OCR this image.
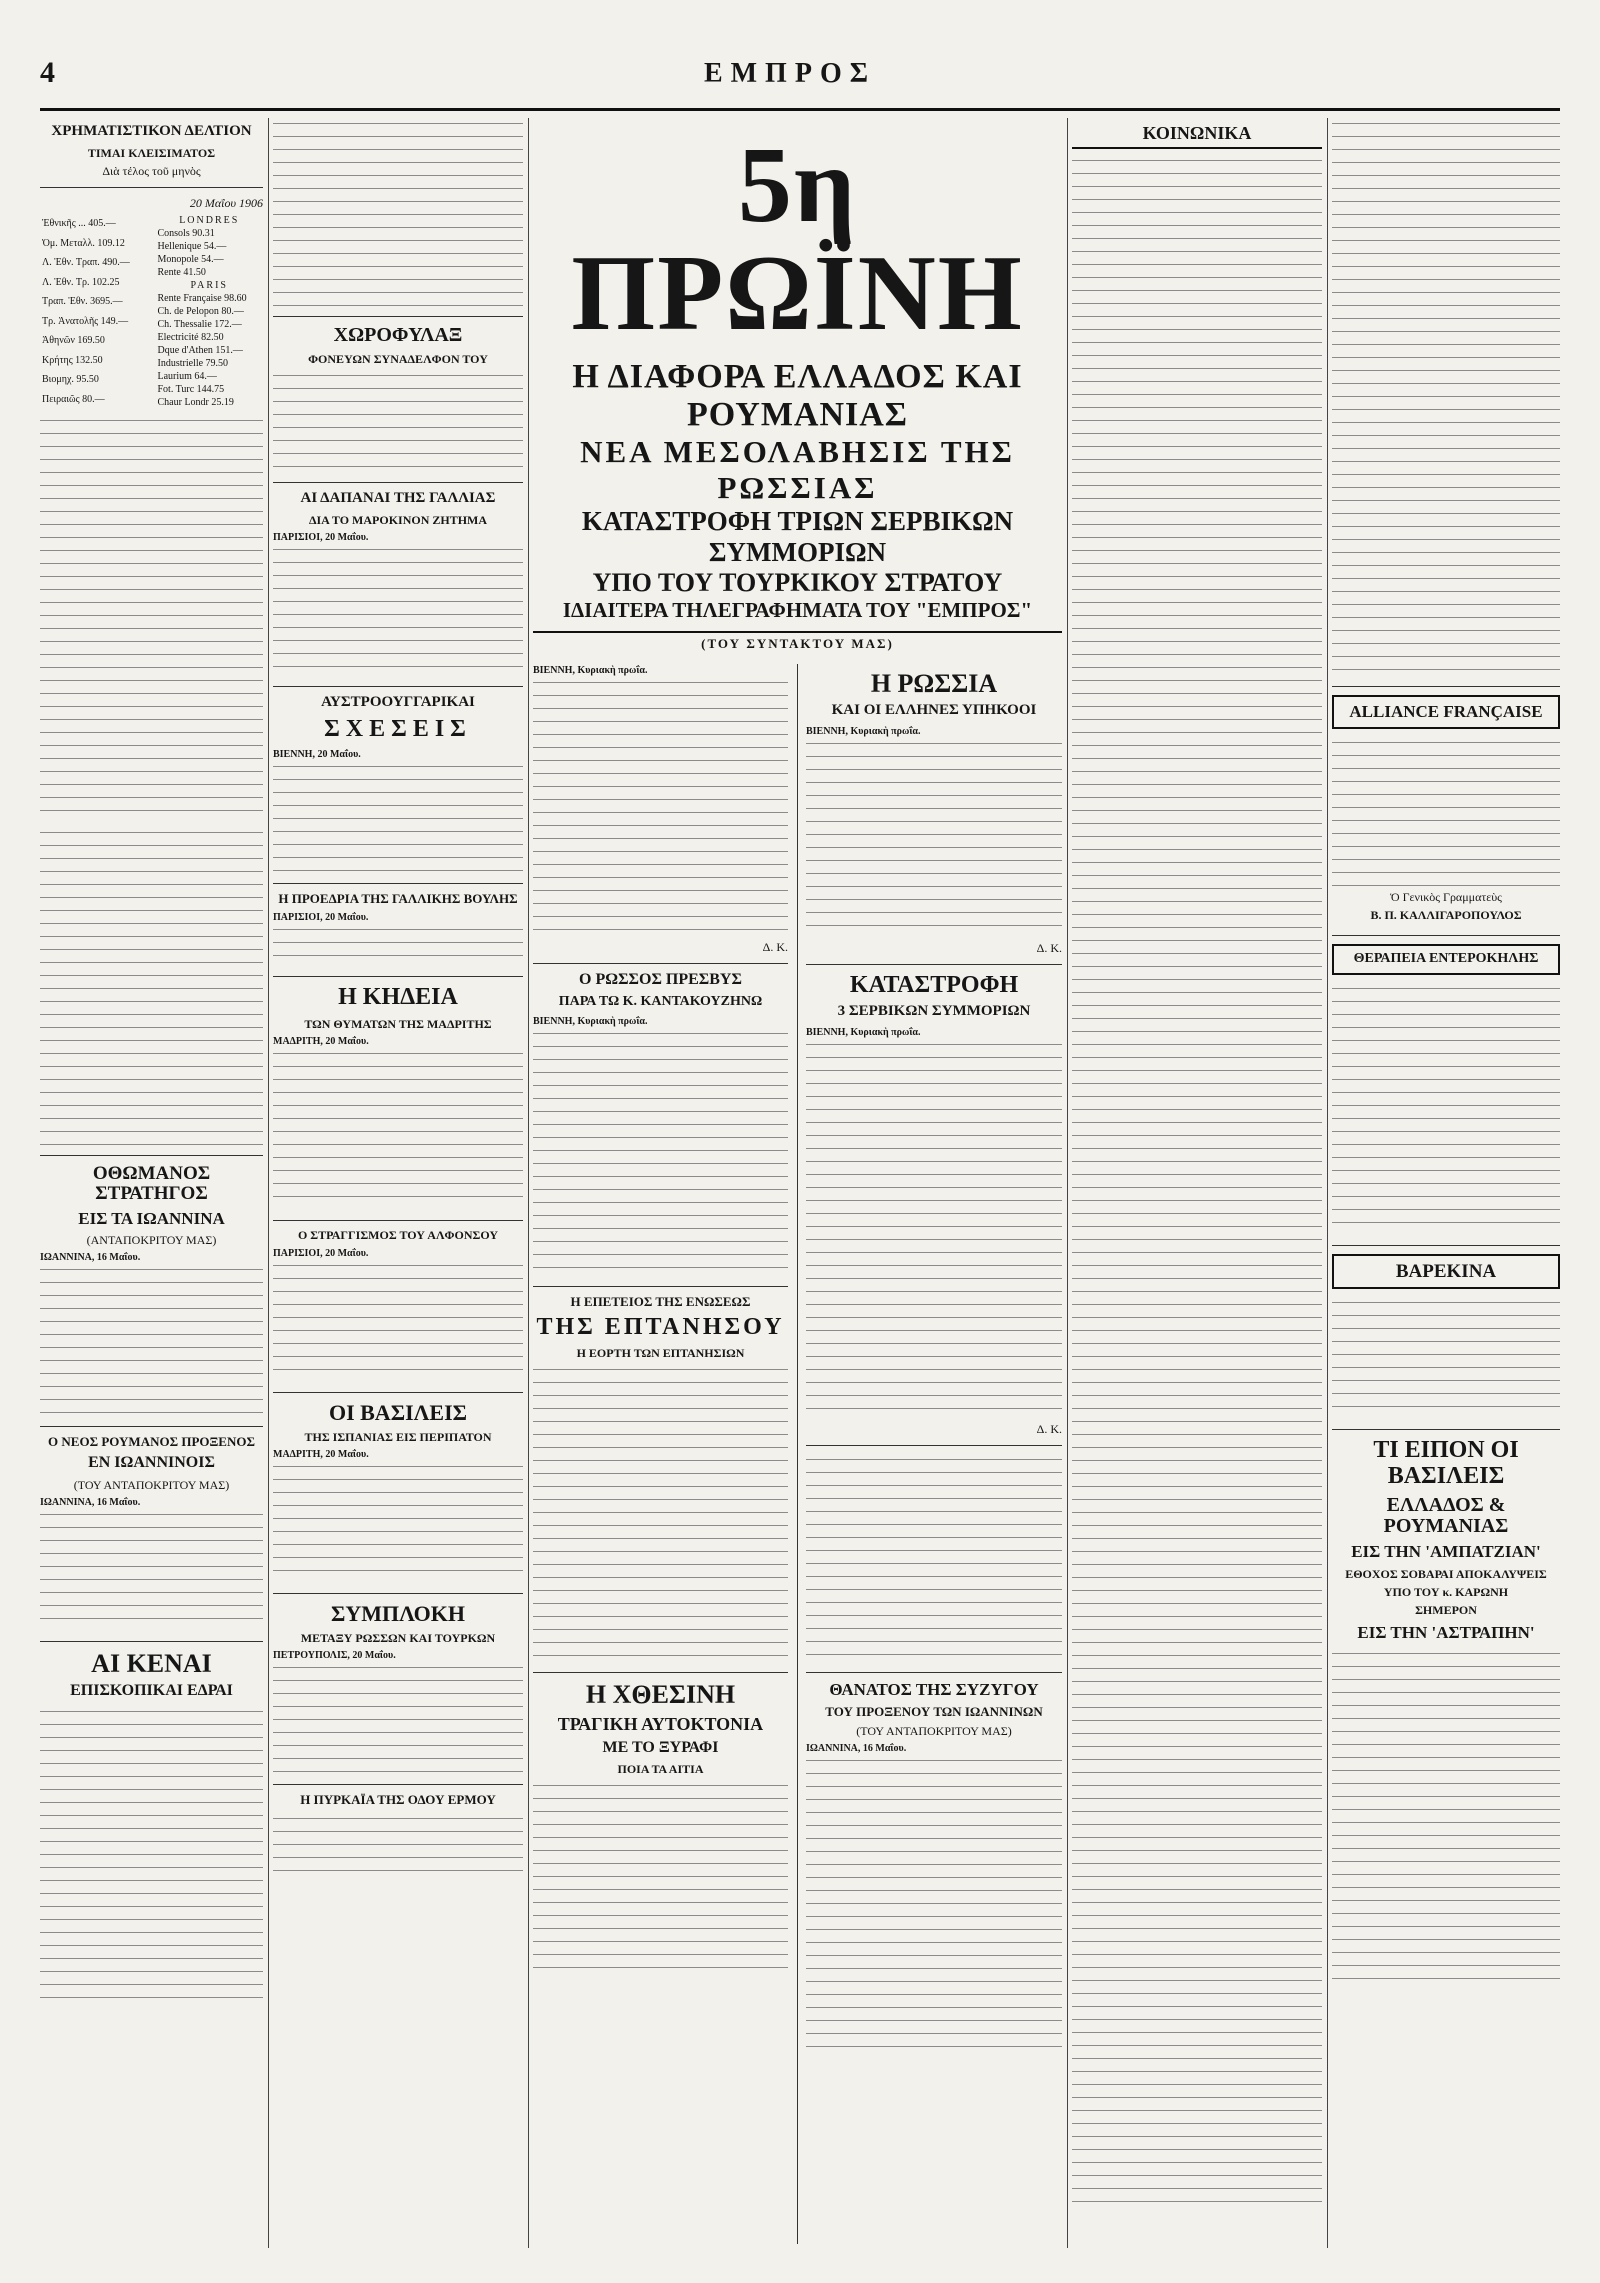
4	ΕΜΠΡΟΣ
ΧΡΗΜΑΤΙΣΤΙΚΟΝ ΔΕΛΤΙΟΝ
ΤΙΜΑΙ ΚΛΕΙΣΙΜΑΤΟΣ
Διὰ τέλος τοῦ μηνὸς
20 Μαΐου 1906
Ἐθνικῆς ... 405.—
Ὀμ. Μεταλλ. 109.12
Λ. Ἐθν. Τραπ. 490.—
Λ. Ἐθν. Τρ. 102.25
Τραπ. Ἐθν. 3695.—
Τρ. Ἀνατολῆς 149.—
Ἀθηνῶν 169.50
Κρήτης 132.50
Βιομηχ. 95.50
Πειραιῶς 80.—
LONDRES
Consols 90.31
Hellenique 54.—
Monopole 54.—
Rente 41.50
PARIS
Rente Française 98.60
Ch. de Pelopon 80.—
Ch. Thessalie 172.—
Electricité 82.50
Dque d'Athen 151.—
Industrielle 79.50
Laurium 64.—
Fot. Turc 144.75
Chaur Londr 25.19
ΟΘΩΜΑΝΟΣ ΣΤΡΑΤΗΓΟΣ
ΕΙΣ ΤΑ ΙΩΑΝΝΙΝΑ
(ΑΝΤΑΠΟΚΡΙΤΟΥ ΜΑΣ)

ΙΩΑΝΝΙΝΑ, 16 Μαΐου.

Ο ΝΕΟΣ ΡΟΥΜΑΝΟΣ ΠΡΟΞΕΝΟΣ
ΕΝ ΙΩΑΝΝΙΝΟΙΣ
(ΤΟΥ ΑΝΤΑΠΟΚΡΙΤΟΥ ΜΑΣ)

ΙΩΑΝΝΙΝΑ, 16 Μαΐου.

ΑΙ ΚΕΝΑΙ
ΕΠΙΣΚΟΠΙΚΑΙ ΕΔΡΑΙ
ΧΩΡΟΦΥΛΑΞ
ΦΟΝΕΥΩΝ ΣΥΝΑΔΕΛΦΟΝ ΤΟΥ
ΑΙ ΔΑΠΑΝΑΙ ΤΗΣ ΓΑΛΛΙΑΣ
ΔΙΑ ΤΟ ΜΑΡΟΚΙΝΟΝ ΖΗΤΗΜΑ

ΠΑΡΙΣΙΟΙ, 20 Μαΐου.

ΑΥΣΤΡΟΟΥΓΓΑΡΙΚΑΙ
ΣΧΕΣΕΙΣ

ΒΙΕΝΝΗ, 20 Μαΐου.

Η ΠΡΟΕΔΡΙΑ ΤΗΣ ΓΑΛΛΙΚΗΣ ΒΟΥΛΗΣ

ΠΑΡΙΣΙΟΙ, 20 Μαΐου.

Η ΚΗΔΕΙΑ
ΤΩΝ ΘΥΜΑΤΩΝ ΤΗΣ ΜΑΔΡΙΤΗΣ

ΜΑΔΡΙΤΗ, 20 Μαΐου.

Ο ΣΤΡΑΓΓΙΣΜΟΣ ΤΟΥ ΑΛΦΟΝΣΟΥ

ΠΑΡΙΣΙΟΙ, 20 Μαΐου.

ΟΙ ΒΑΣΙΛΕΙΣ
ΤΗΣ ΙΣΠΑΝΙΑΣ ΕΙΣ ΠΕΡΙΠΑΤΟΝ

ΜΑΔΡΙΤΗ, 20 Μαΐου.

ΣΥΜΠΛΟΚΗ
ΜΕΤΑΞΥ ΡΩΣΣΩΝ ΚΑΙ ΤΟΥΡΚΩΝ

ΠΕΤΡΟΥΠΟΛΙΣ, 20 Μαΐου.

Η ΠΥΡΚΑΪΑ ΤΗΣ ΟΔΟΥ ΕΡΜΟΥ
5η ΠΡΩΪΝΗ
Η ΔΙΑΦΟΡΑ ΕΛΛΑΔΟΣ ΚΑΙ ΡΟΥΜΑΝΙΑΣ
ΝΕΑ ΜΕΣΟΛΑΒΗΣΙΣ ΤΗΣ ΡΩΣΣΙΑΣ
ΚΑΤΑΣΤΡΟΦΗ ΤΡΙΩΝ ΣΕΡΒΙΚΩΝ ΣΥΜΜΟΡΙΩΝ
ΥΠΟ ΤΟΥ ΤΟΥΡΚΙΚΟΥ ΣΤΡΑΤΟΥ
ΙΔΙΑΙΤΕΡΑ ΤΗΛΕΓΡΑΦΗΜΑΤΑ ΤΟΥ "ΕΜΠΡΟΣ"
(ΤΟΥ ΣΥΝΤΑΚΤΟΥ ΜΑΣ)

ΒΙΕΝΝΗ, Κυριακὴ πρωΐα.

Δ. Κ.
Ο ΡΩΣΣΟΣ ΠΡΕΣΒΥΣ
ΠΑΡΑ ΤΩ Κ. ΚΑΝΤΑΚΟΥΖΗΝΩ

ΒΙΕΝΝΗ, Κυριακὴ πρωΐα.

Η ΕΠΕΤΕΙΟΣ ΤΗΣ ΕΝΩΣΕΩΣ
ΤΗΣ ΕΠΤΑΝΗΣΟΥ
Η ΕΟΡΤΗ ΤΩΝ ΕΠΤΑΝΗΣΙΩΝ
Η ΧΘΕΣΙΝΗ
ΤΡΑΓΙΚΗ ΑΥΤΟΚΤΟΝΙΑ
ΜΕ ΤΟ ΞΥΡΑΦΙ
ΠΟΙΑ ΤΑ ΑΙΤΙΑ
Η ΡΩΣΣΙΑ
ΚΑΙ ΟΙ ΕΛΛΗΝΕΣ ΥΠΗΚΟΟΙ

ΒΙΕΝΝΗ, Κυριακὴ πρωΐα.

Δ. Κ.
ΚΑΤΑΣΤΡΟΦΗ
3 ΣΕΡΒΙΚΩΝ ΣΥΜΜΟΡΙΩΝ

ΒΙΕΝΝΗ, Κυριακὴ πρωΐα.

Δ. Κ.
ΘΑΝΑΤΟΣ ΤΗΣ ΣΥΖΥΓΟΥ
ΤΟΥ ΠΡΟΞΕΝΟΥ ΤΩΝ ΙΩΑΝΝΙΝΩΝ
(ΤΟΥ ΑΝΤΑΠΟΚΡΙΤΟΥ ΜΑΣ)

ΙΩΑΝΝΙΝΑ, 16 Μαΐου.

ΚΟΙΝΩΝΙΚΑ
ALLIANCE FRANÇAISE
Ὁ Γενικὸς Γραμματεὺς
Β. Π. ΚΑΛΛΙΓΑΡΟΠΟΥΛΟΣ
ΘΕΡΑΠΕΙΑ ΕΝΤΕΡΟΚΗΛΗΣ
ΒΑΡΕΚΙΝΑ
ΤΙ ΕΙΠΟΝ ΟΙ ΒΑΣΙΛΕΙΣ
ΕΛΛΑΔΟΣ & ΡΟΥΜΑΝΙΑΣ
ΕΙΣ ΤΗΝ 'ΑΜΠΑΤΖΙΑΝ'
ΕΘΟΧΟΣ ΣΟΒΑΡΑΙ ΑΠΟΚΑΛΥΨΕΙΣ
ΥΠΟ ΤΟΥ κ. ΚΑΡΩΝΗ
ΣΗΜΕΡΟΝ
ΕΙΣ ΤΗΝ 'ΑΣΤΡΑΠΗΝ'
